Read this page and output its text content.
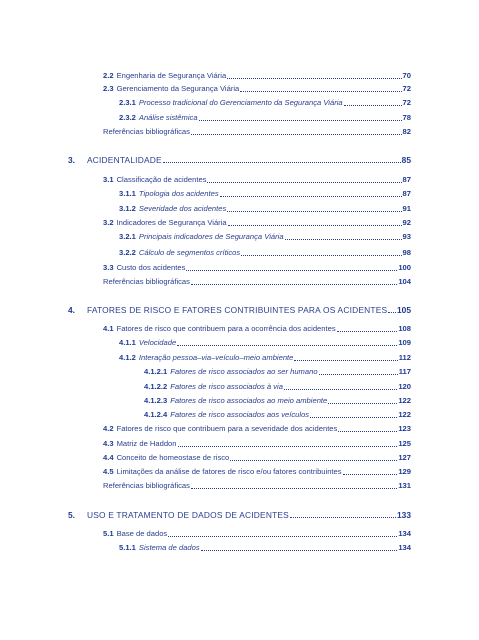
2.2 Engenharia de Segurança Viária	70
2.3 Gerenciamento da Segurança Viária	72
2.3.1 Processo tradicional do Gerenciamento da Segurança Viária	72
2.3.2 Análise sistêmica	78
Referências bibliográficas	82
3. ACIDENTALIDADE	85
3.1 Classificação de acidentes	87
3.1.1 Tipologia dos acidentes	87
3.1.2 Severidade dos acidentes	91
3.2 Indicadores de Segurança Viária	92
3.2.1 Principais indicadores de Segurança Viária	93
3.2.2 Cálculo de segmentos críticos	98
3.3 Custo dos acidentes	100
Referências bibliográficas	104
4. FATORES DE RISCO E FATORES CONTRIBUINTES PARA OS ACIDENTES 105
4.1 Fatores de risco que contribuem para a ocorrência dos acidentes	108
4.1.1 Velocidade	109
4.1.2 Interação pessoa–via–veículo–meio ambiente	112
4.1.2.1 Fatores de risco associados ao ser humano	117
4.1.2.2 Fatores de risco associados à via	120
4.1.2.3 Fatores de risco associados ao meio ambiente	122
4.1.2.4 Fatores de risco associados aos veículos	122
4.2 Fatores de risco que contribuem para a severidade dos acidentes	123
4.3 Matriz de Haddon	125
4.4 Conceito de homeostase de risco	127
4.5 Limitações da análise de fatores de risco e/ou fatores contribuintes	129
Referências bibliográficas	131
5. USO E TRATAMENTO DE DADOS DE ACIDENTES	133
5.1 Base de dados	134
5.1.1 Sistema de dados	134
